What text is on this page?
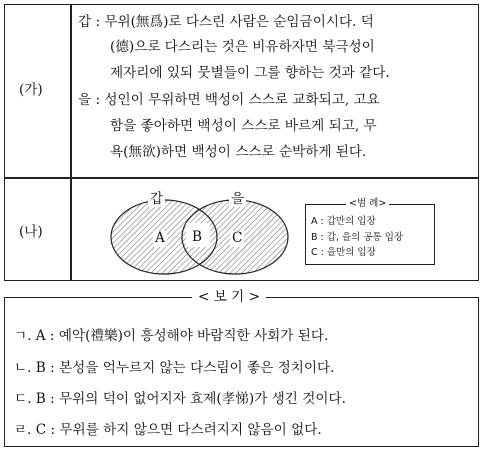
(가)
(나)
갑 : 무위(無爲)로 다스린 사람은 순임금이시다. 덕
(德)으로 다스리는 것은 비유하자면 북극성이
제자리에 있되 뭇별들이 그를 향하는 것과 같다.
을 : 성인이 무위하면 백성이 스스로 교화되고, 고요
함을 좋아하면 백성이 스스로 바르게 되고, 무
욕(無欲)하면 백성이 스스로 순박하게 된다.
갑	을
A B C
<범 례>
A : 갑만의 입장
B : 갑, 을의 공통 입장
C : 을만의 입장
< 보 기 >
ㄱ. A : 예악(禮樂)이 흥성해야 바람직한 사회가 된다.
ㄴ. B : 본성을 억누르지 않는 다스림이 좋은 정치이다.
ㄷ. B : 무위의 덕이 없어지자 효제(孝悌)가 생긴 것이다.
ㄹ. C : 무위를 하지 않으면 다스려지지 않음이 없다.
